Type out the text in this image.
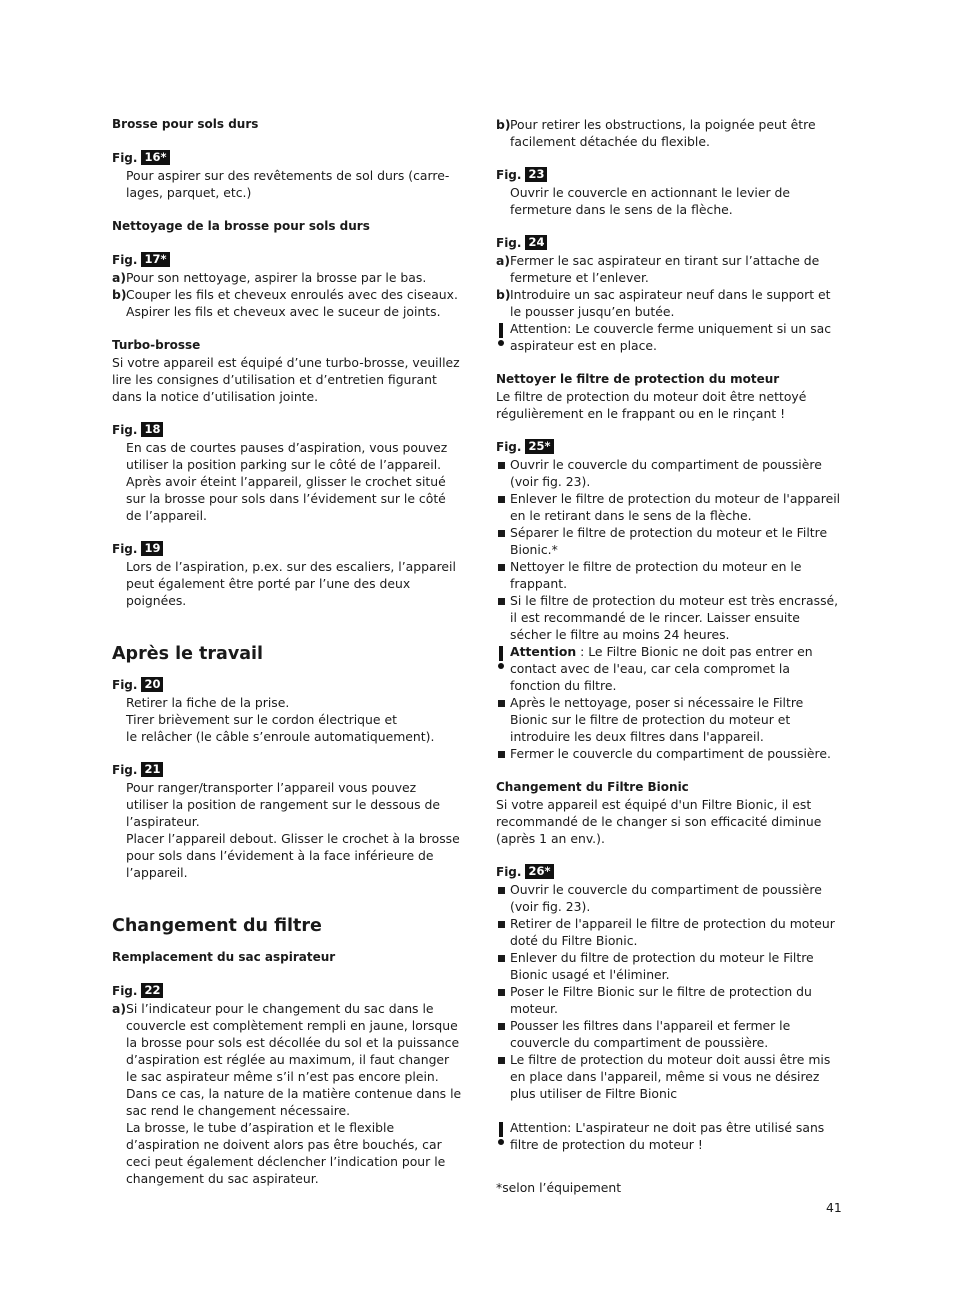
Brosse pour sols durs

Fig. 16*

Pour aspirer sur des revêtements de sol durs (carre-lages, parquet, etc.)

Nettoyage de la brosse pour sols durs

Fig. 17*

a) Pour son nettoyage, aspirer la brosse par le bas.
b) Couper les fils et cheveux enroulés avec des ciseaux. Aspirer les fils et cheveux avec le suceur de joints.

Turbo-brosse

Si votre appareil est équipé d’une turbo-brosse, veuillez lire les consignes d’utilisation et d’entretien figurant dans la notice d’utilisation jointe.

Fig. 18

En cas de courtes pauses d’aspiration, vous pouvez utiliser la position parking sur le côté de l’appareil. Après avoir éteint l’appareil, glisser le crochet situé sur la brosse pour sols dans l’évidement sur le côté de l’appareil.

Fig. 19

Lors de l’aspiration, p.ex. sur des escaliers, l’appareil peut également être porté par l’une des deux poignées.

Après le travail

Fig. 20

Retirer la fiche de la prise.

Tirer brièvement sur le cordon électrique et

le relâcher (le câble s’enroule automatiquement).

Fig. 21

Pour ranger/transporter l’appareil vous pouvez utiliser la position de rangement sur le dessous de l’aspirateur.

Placer l’appareil debout. Glisser le crochet à la brosse pour sols dans l’évidement à la face inférieure de l’appareil.

Changement du filtre

Remplacement du sac aspirateur

Fig. 22

a) Si l’indicateur pour le changement du sac dans le couvercle est complètement rempli en jaune, lorsque la brosse pour sols est décollée du sol et la puissance d’aspiration est réglée au maximum, il faut changer le sac aspirateur même s’il n’est pas encore plein. Dans ce cas, la nature de la matière contenue dans le sac rend le changement nécessaire.

La brosse, le tube d’aspiration et le flexible d’aspiration ne doivent alors pas être bouchés, car ceci peut également déclencher l’indication pour le changement du sac aspirateur.

b) Pour retirer les obstructions, la poignée peut être facilement détachée du flexible.

Fig. 23

Ouvrir le couvercle en actionnant le levier de fermeture dans le sens de la flèche.

Fig. 24

a) Fermer le sac aspirateur en tirant sur l’attache de fermeture et l’enlever.
b) Introduire un sac aspirateur neuf dans le support et le pousser jusqu’en butée.
Attention: Le couvercle ferme uniquement si un sac aspirateur est en place.

Nettoyer le filtre de protection du moteur

Le filtre de protection du moteur doit être nettoyé régulièrement en le frappant ou en le rinçant !

Fig. 25*

Ouvrir le couvercle du compartiment de poussière (voir fig. 23).
Enlever le filtre de protection du moteur de l'appareil en le retirant dans le sens de la flèche.
Séparer le filtre de protection du moteur et le Filtre Bionic.*
Nettoyer le filtre de protection du moteur en le frappant.
Si le filtre de protection du moteur est très encrassé, il est recommandé de le rincer. Laisser ensuite sécher le filtre au moins 24 heures.
Attention : Le Filtre Bionic ne doit pas entrer en contact avec de l'eau, car cela compromet la fonction du filtre.
Après le nettoyage, poser si nécessaire le Filtre Bionic sur le filtre de protection du moteur et introduire les deux filtres dans l'appareil.
Fermer le couvercle du compartiment de poussière.

Changement du Filtre Bionic

Si votre appareil est équipé d'un Filtre Bionic, il est recommandé de le changer si son efficacité diminue (après 1 an env.).

Fig. 26*

Ouvrir le couvercle du compartiment de poussière (voir fig. 23).
Retirer de l'appareil le filtre de protection du moteur doté du Filtre Bionic.
Enlever du filtre de protection du moteur le Filtre Bionic usagé et l'éliminer.
Poser le Filtre Bionic sur le filtre de protection du moteur.
Pousser les filtres dans l'appareil et fermer le couvercle du compartiment de poussière.
Le filtre de protection du moteur doit aussi être mis en place dans l'appareil, même si vous ne désirez plus utiliser de Filtre Bionic
Attention: L'aspirateur ne doit pas être utilisé sans filtre de protection du moteur !

*selon l’équipement

41
